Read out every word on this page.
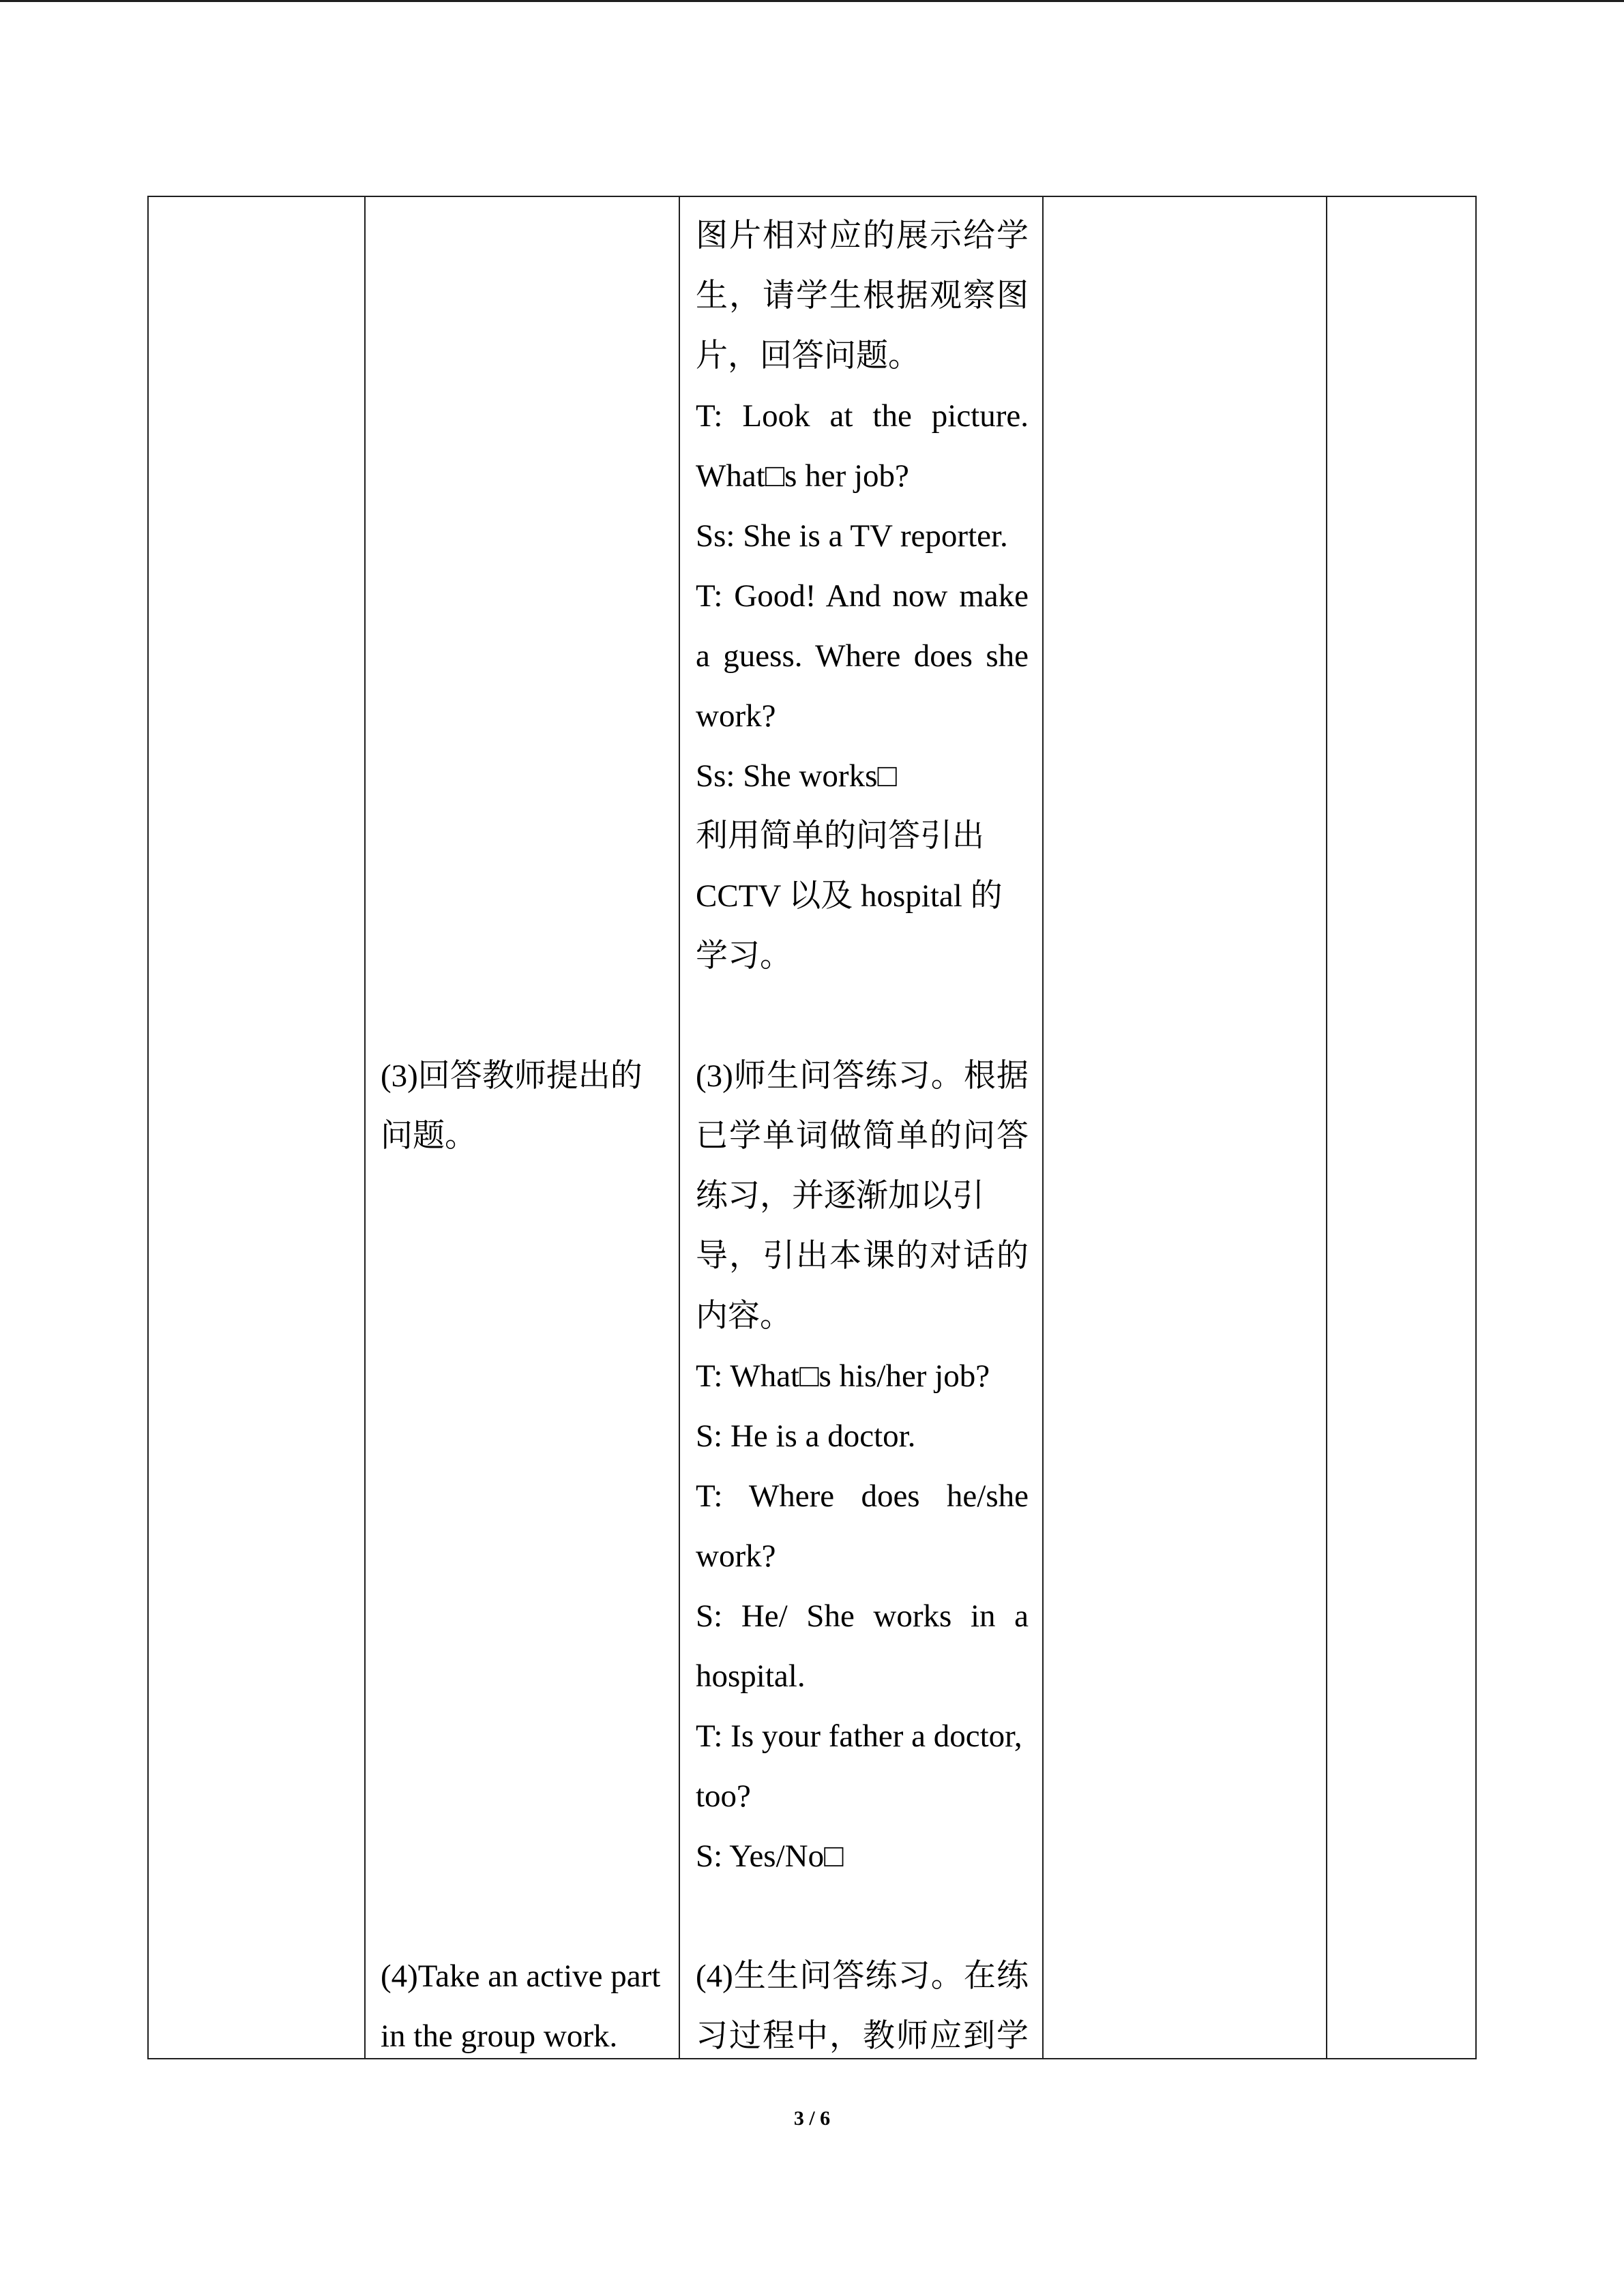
(3)回答教师提出的
问题。
(4)Take an active part
in the group work.
图片相对应的展示给学
生，请学生根据观察图
片，回答问题。
T: Look at the picture.
What□s her job?
Ss: She is a TV reporter.
T: Good! And now make
a guess. Where does she
work?
Ss: She works□
利用简单的问答引出
CCTV 以及 hospital 的
学习。
(3)师生问答练习。根据
已学单词做简单的问答
练习，并逐渐加以引
导，引出本课的对话的
内容。
T: What□s his/her job?
S: He is a doctor.
T: Where does he/she
work?
S: He/ She works in a
hospital.
T: Is your father a doctor,
too?
S: Yes/No□
(4)生生问答练习。在练
习过程中，教师应到学
3 / 6
